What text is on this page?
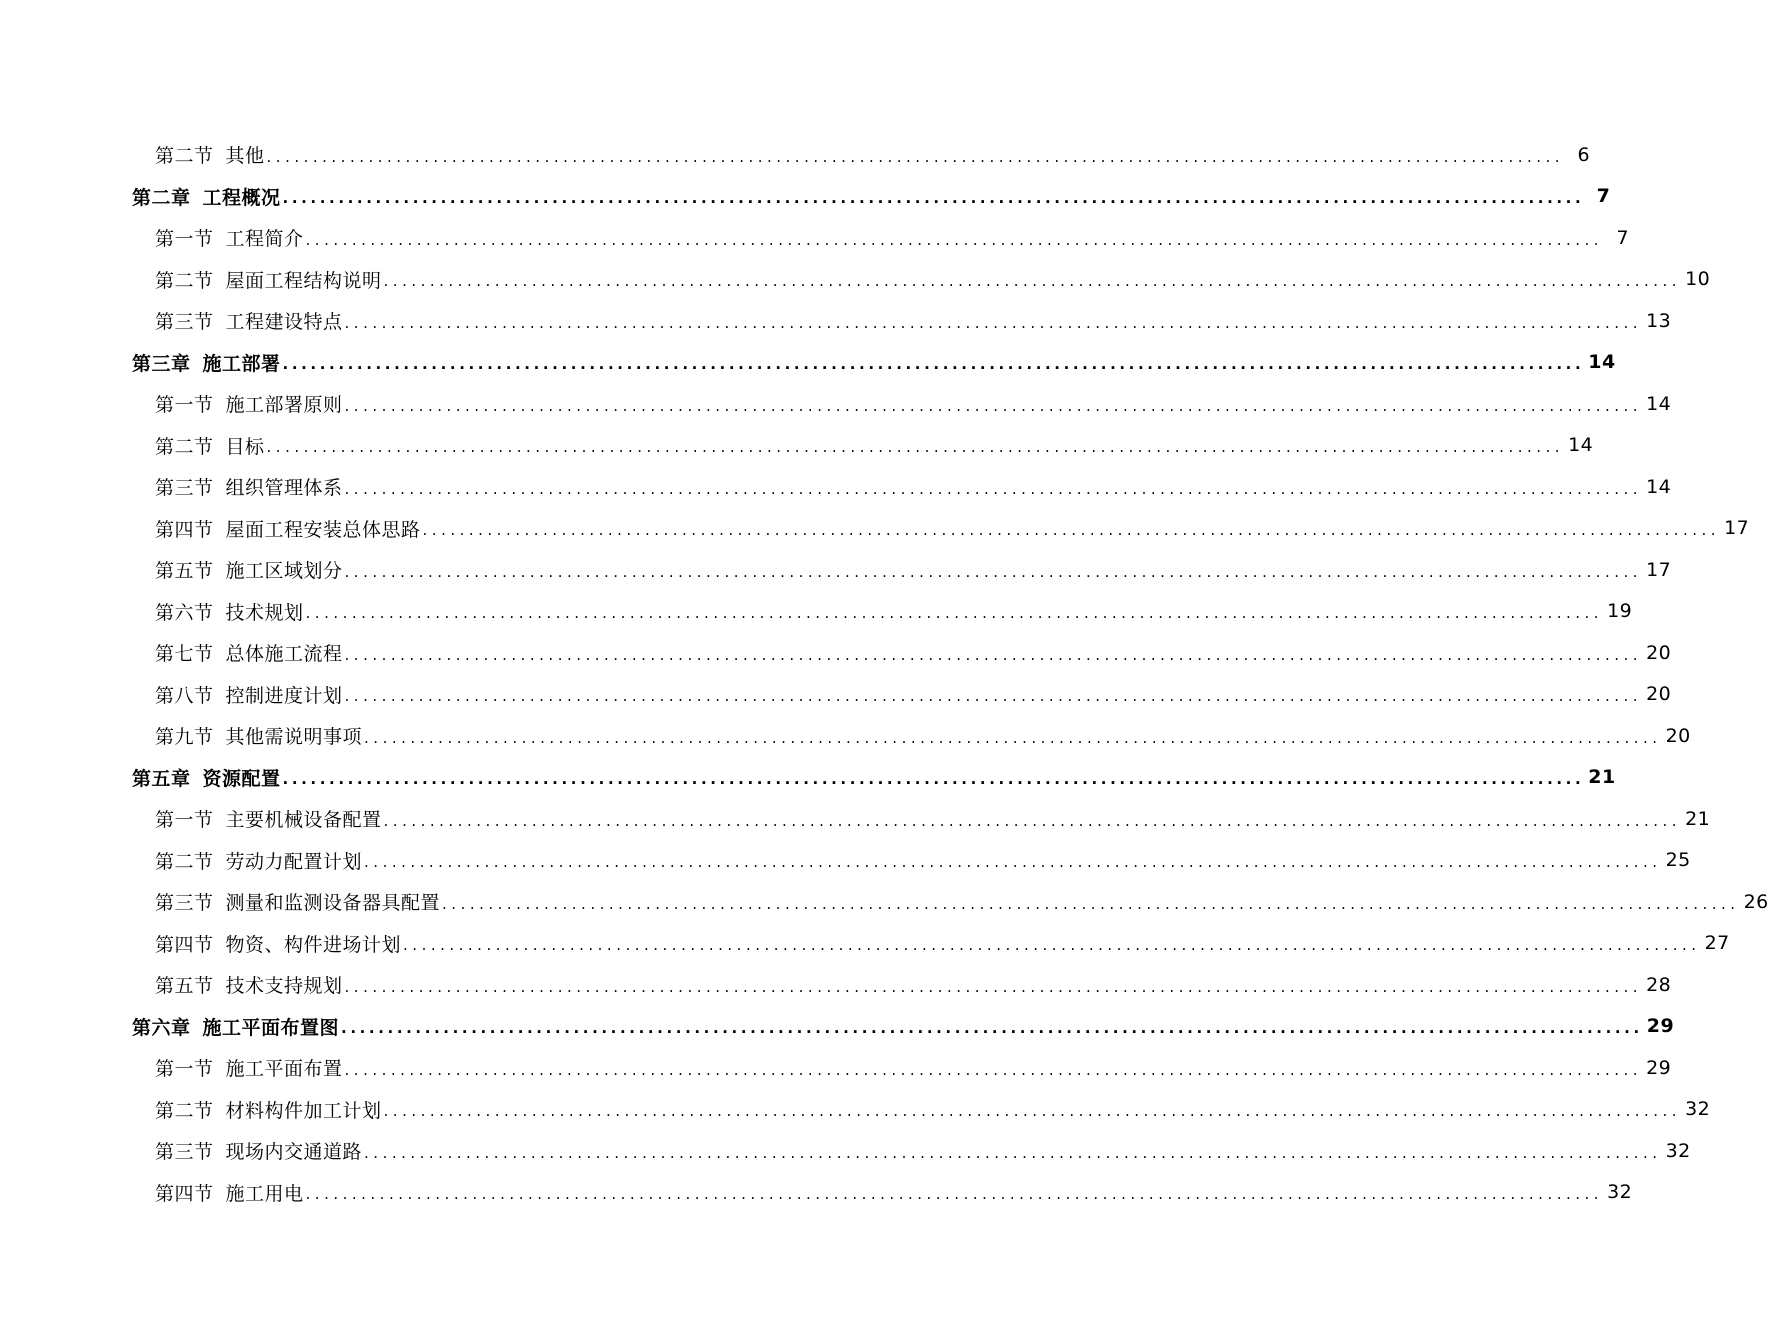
第二节 其他 ............................................................................................................................................ 6
第二章 工程概况 ............................................................................................................................................ 7
第一节 工程简介 ............................................................................................................................................ 7
第二节 屋面工程结构说明 ............................................................................................................................................ 10
第三节 工程建设特点 ............................................................................................................................................ 13
第三章 施工部署 ............................................................................................................................................ 14
第一节 施工部署原则 ............................................................................................................................................ 14
第二节 目标 ............................................................................................................................................ 14
第三节 组织管理体系 ............................................................................................................................................ 14
第四节 屋面工程安装总体思路 ............................................................................................................................................ 17
第五节 施工区域划分 ............................................................................................................................................ 17
第六节 技术规划 ............................................................................................................................................ 19
第七节 总体施工流程 ............................................................................................................................................ 20
第八节 控制进度计划 ............................................................................................................................................ 20
第九节 其他需说明事项 ............................................................................................................................................ 20
第五章 资源配置 ............................................................................................................................................ 21
第一节 主要机械设备配置 ............................................................................................................................................ 21
第二节 劳动力配置计划 ............................................................................................................................................ 25
第三节 测量和监测设备器具配置 ............................................................................................................................................ 26
第四节 物资、构件进场计划 ............................................................................................................................................ 27
第五节 技术支持规划 ............................................................................................................................................ 28
第六章 施工平面布置图 ............................................................................................................................................ 29
第一节 施工平面布置 ............................................................................................................................................ 29
第二节 材料构件加工计划 ............................................................................................................................................ 32
第三节 现场内交通道路 ............................................................................................................................................ 32
第四节 施工用电 ............................................................................................................................................ 32
